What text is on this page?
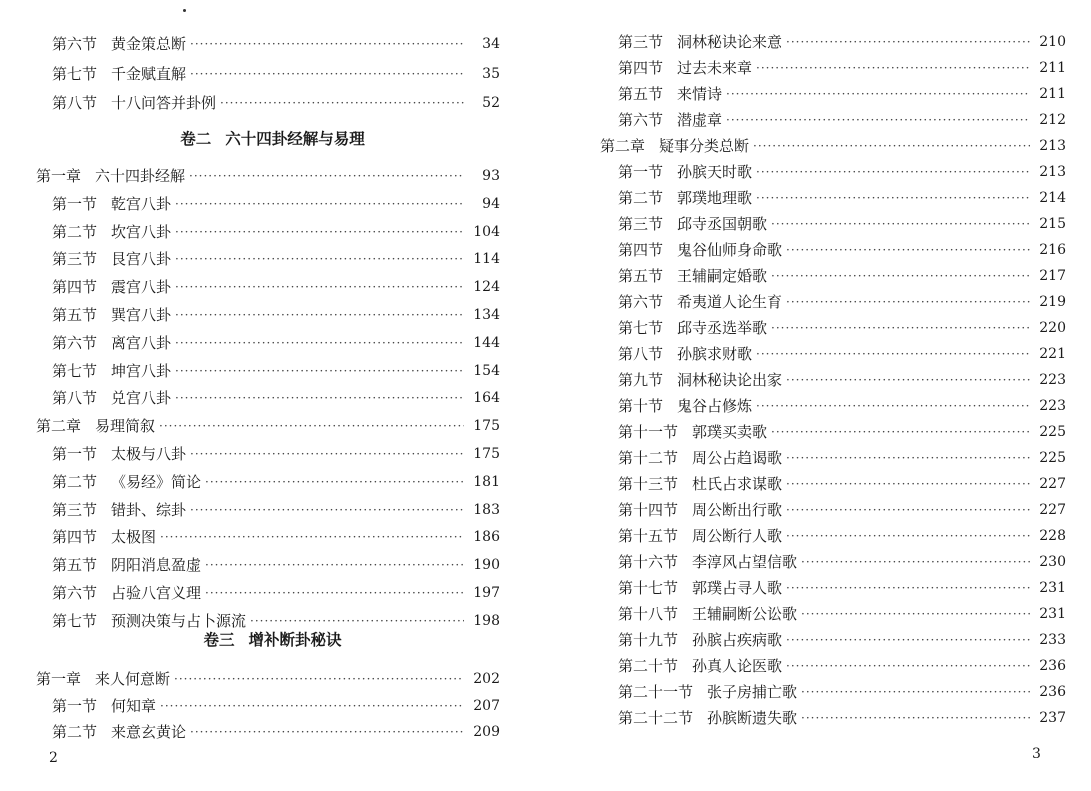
第六节 黄金策总断 ·····	34
第七节 千金赋直解 ·····	35
第八节 十八问答并卦例 ·····	52
卷二 六十四卦经解与易理
第一章 六十四卦经解 ·····	93
第一节 乾宫八卦 ·····	94
第二节 坎宫八卦 ·····	104
第三节 艮宫八卦 ·····	114
第四节 震宫八卦 ·····	124
第五节 巽宫八卦 ·····	134
第六节 离宫八卦 ·····	144
第七节 坤宫八卦 ·····	154
第八节 兑宫八卦 ·····	164
第二章 易理简叙 ·····	175
第一节 太极与八卦 ·····	175
第二节 《易经》简论 ·····	181
第三节 错卦、综卦 ·····	183
第四节 太极图 ·····	186
第五节 阴阳消息盈虚 ·····	190
第六节 占验八宫义理 ·····	197
第七节 预测决策与占卜源流 ·····	198
卷三 增补断卦秘诀
第一章 来人何意断 ·····	202
第一节 何知章 ·····	207
第二节 来意玄黄论 ·····	209
2
第三节 洞林秘诀论来意 ·····	210
第四节 过去未来章 ·····	211
第五节 来情诗 ·····	211
第六节 潜虚章 ·····	212
第二章 疑事分类总断 ·····	213
第一节 孙膑天时歌 ·····	213
第二节 郭璞地理歌 ·····	214
第三节 邱寺丞国朝歌 ·····	215
第四节 鬼谷仙师身命歌 ·····	216
第五节 王辅嗣定婚歌 ·····	217
第六节 希夷道人论生育 ·····	219
第七节 邱寺丞选举歌 ·····	220
第八节 孙膑求财歌 ·····	221
第九节 洞林秘诀论出家 ·····	223
第十节 鬼谷占修炼 ·····	223
第十一节 郭璞买卖歌 ·····	225
第十二节 周公占趋谒歌 ·····	225
第十三节 杜氏占求谋歌 ·····	227
第十四节 周公断出行歌 ·····	227
第十五节 周公断行人歌 ·····	228
第十六节 李淳风占望信歌 ·····	230
第十七节 郭璞占寻人歌 ·····	231
第十八节 王辅嗣断公讼歌 ·····	231
第十九节 孙膑占疾病歌 ·····	233
第二十节 孙真人论医歌 ·····	236
第二十一节 张子房捕亡歌 ·····	236
第二十二节 孙膑断遗失歌 ·····	237
3
